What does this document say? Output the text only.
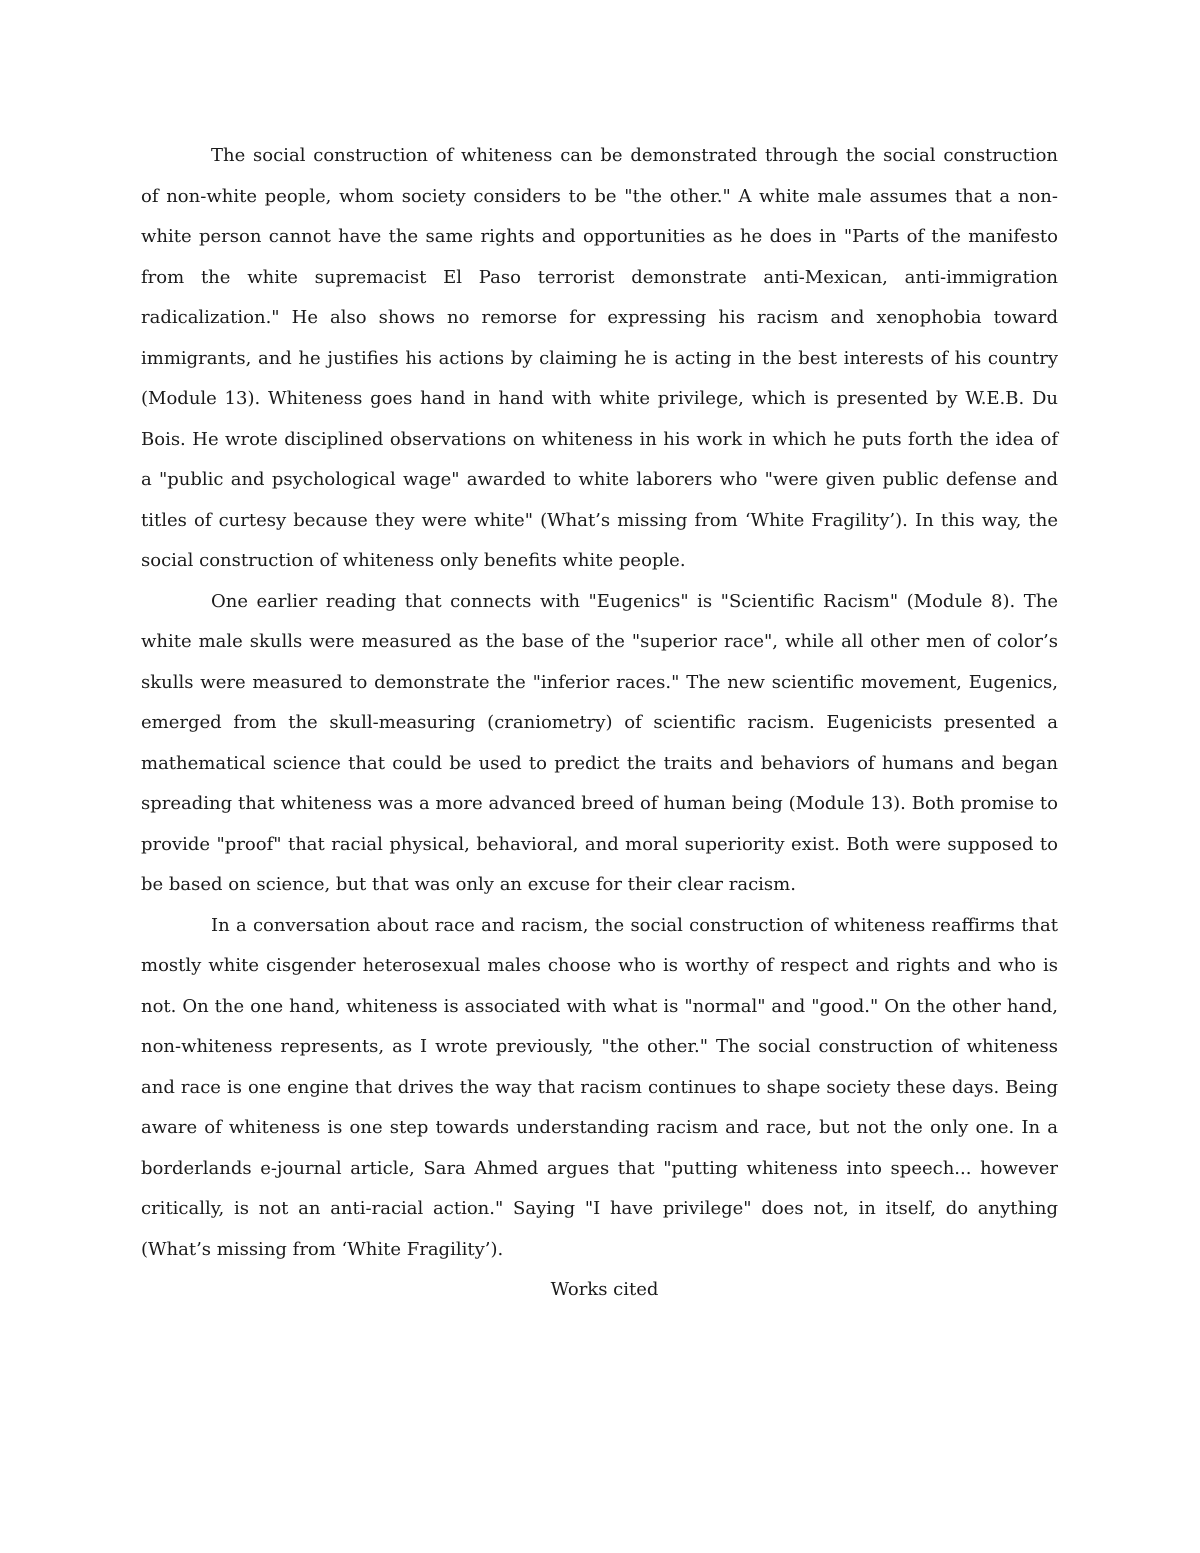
The social construction of whiteness can be demonstrated through the social construction of non-white people, whom society considers to be "the other." A white male assumes that a non-white person cannot have the same rights and opportunities as he does in "Parts of the manifesto from the white supremacist El Paso terrorist demonstrate anti-Mexican, anti-immigration radicalization." He also shows no remorse for expressing his racism and xenophobia toward immigrants, and he justifies his actions by claiming he is acting in the best interests of his country (Module 13). Whiteness goes hand in hand with white privilege, which is presented by W.E.B. Du Bois. He wrote disciplined observations on whiteness in his work in which he puts forth the idea of a "public and psychological wage" awarded to white laborers who "were given public defense and titles of curtesy because they were white" (What’s missing from ‘White Fragility’). In this way, the social construction of whiteness only benefits white people.

One earlier reading that connects with "Eugenics" is "Scientific Racism" (Module 8). The white male skulls were measured as the base of the "superior race", while all other men of color’s skulls were measured to demonstrate the "inferior races." The new scientific movement, Eugenics, emerged from the skull-measuring (craniometry) of scientific racism. Eugenicists presented a mathematical science that could be used to predict the traits and behaviors of humans and began spreading that whiteness was a more advanced breed of human being (Module 13). Both promise to provide "proof" that racial physical, behavioral, and moral superiority exist. Both were supposed to be based on science, but that was only an excuse for their clear racism.

In a conversation about race and racism, the social construction of whiteness reaffirms that mostly white cisgender heterosexual males choose who is worthy of respect and rights and who is not. On the one hand, whiteness is associated with what is "normal" and "good." On the other hand, non-whiteness represents, as I wrote previously, "the other." The social construction of whiteness and race is one engine that drives the way that racism continues to shape society these days. Being aware of whiteness is one step towards understanding racism and race, but not the only one. In a borderlands e-journal article, Sara Ahmed argues that "putting whiteness into speech... however critically, is not an anti-racial action." Saying "I have privilege" does not, in itself, do anything (What’s missing from ‘White Fragility’).

Works cited
